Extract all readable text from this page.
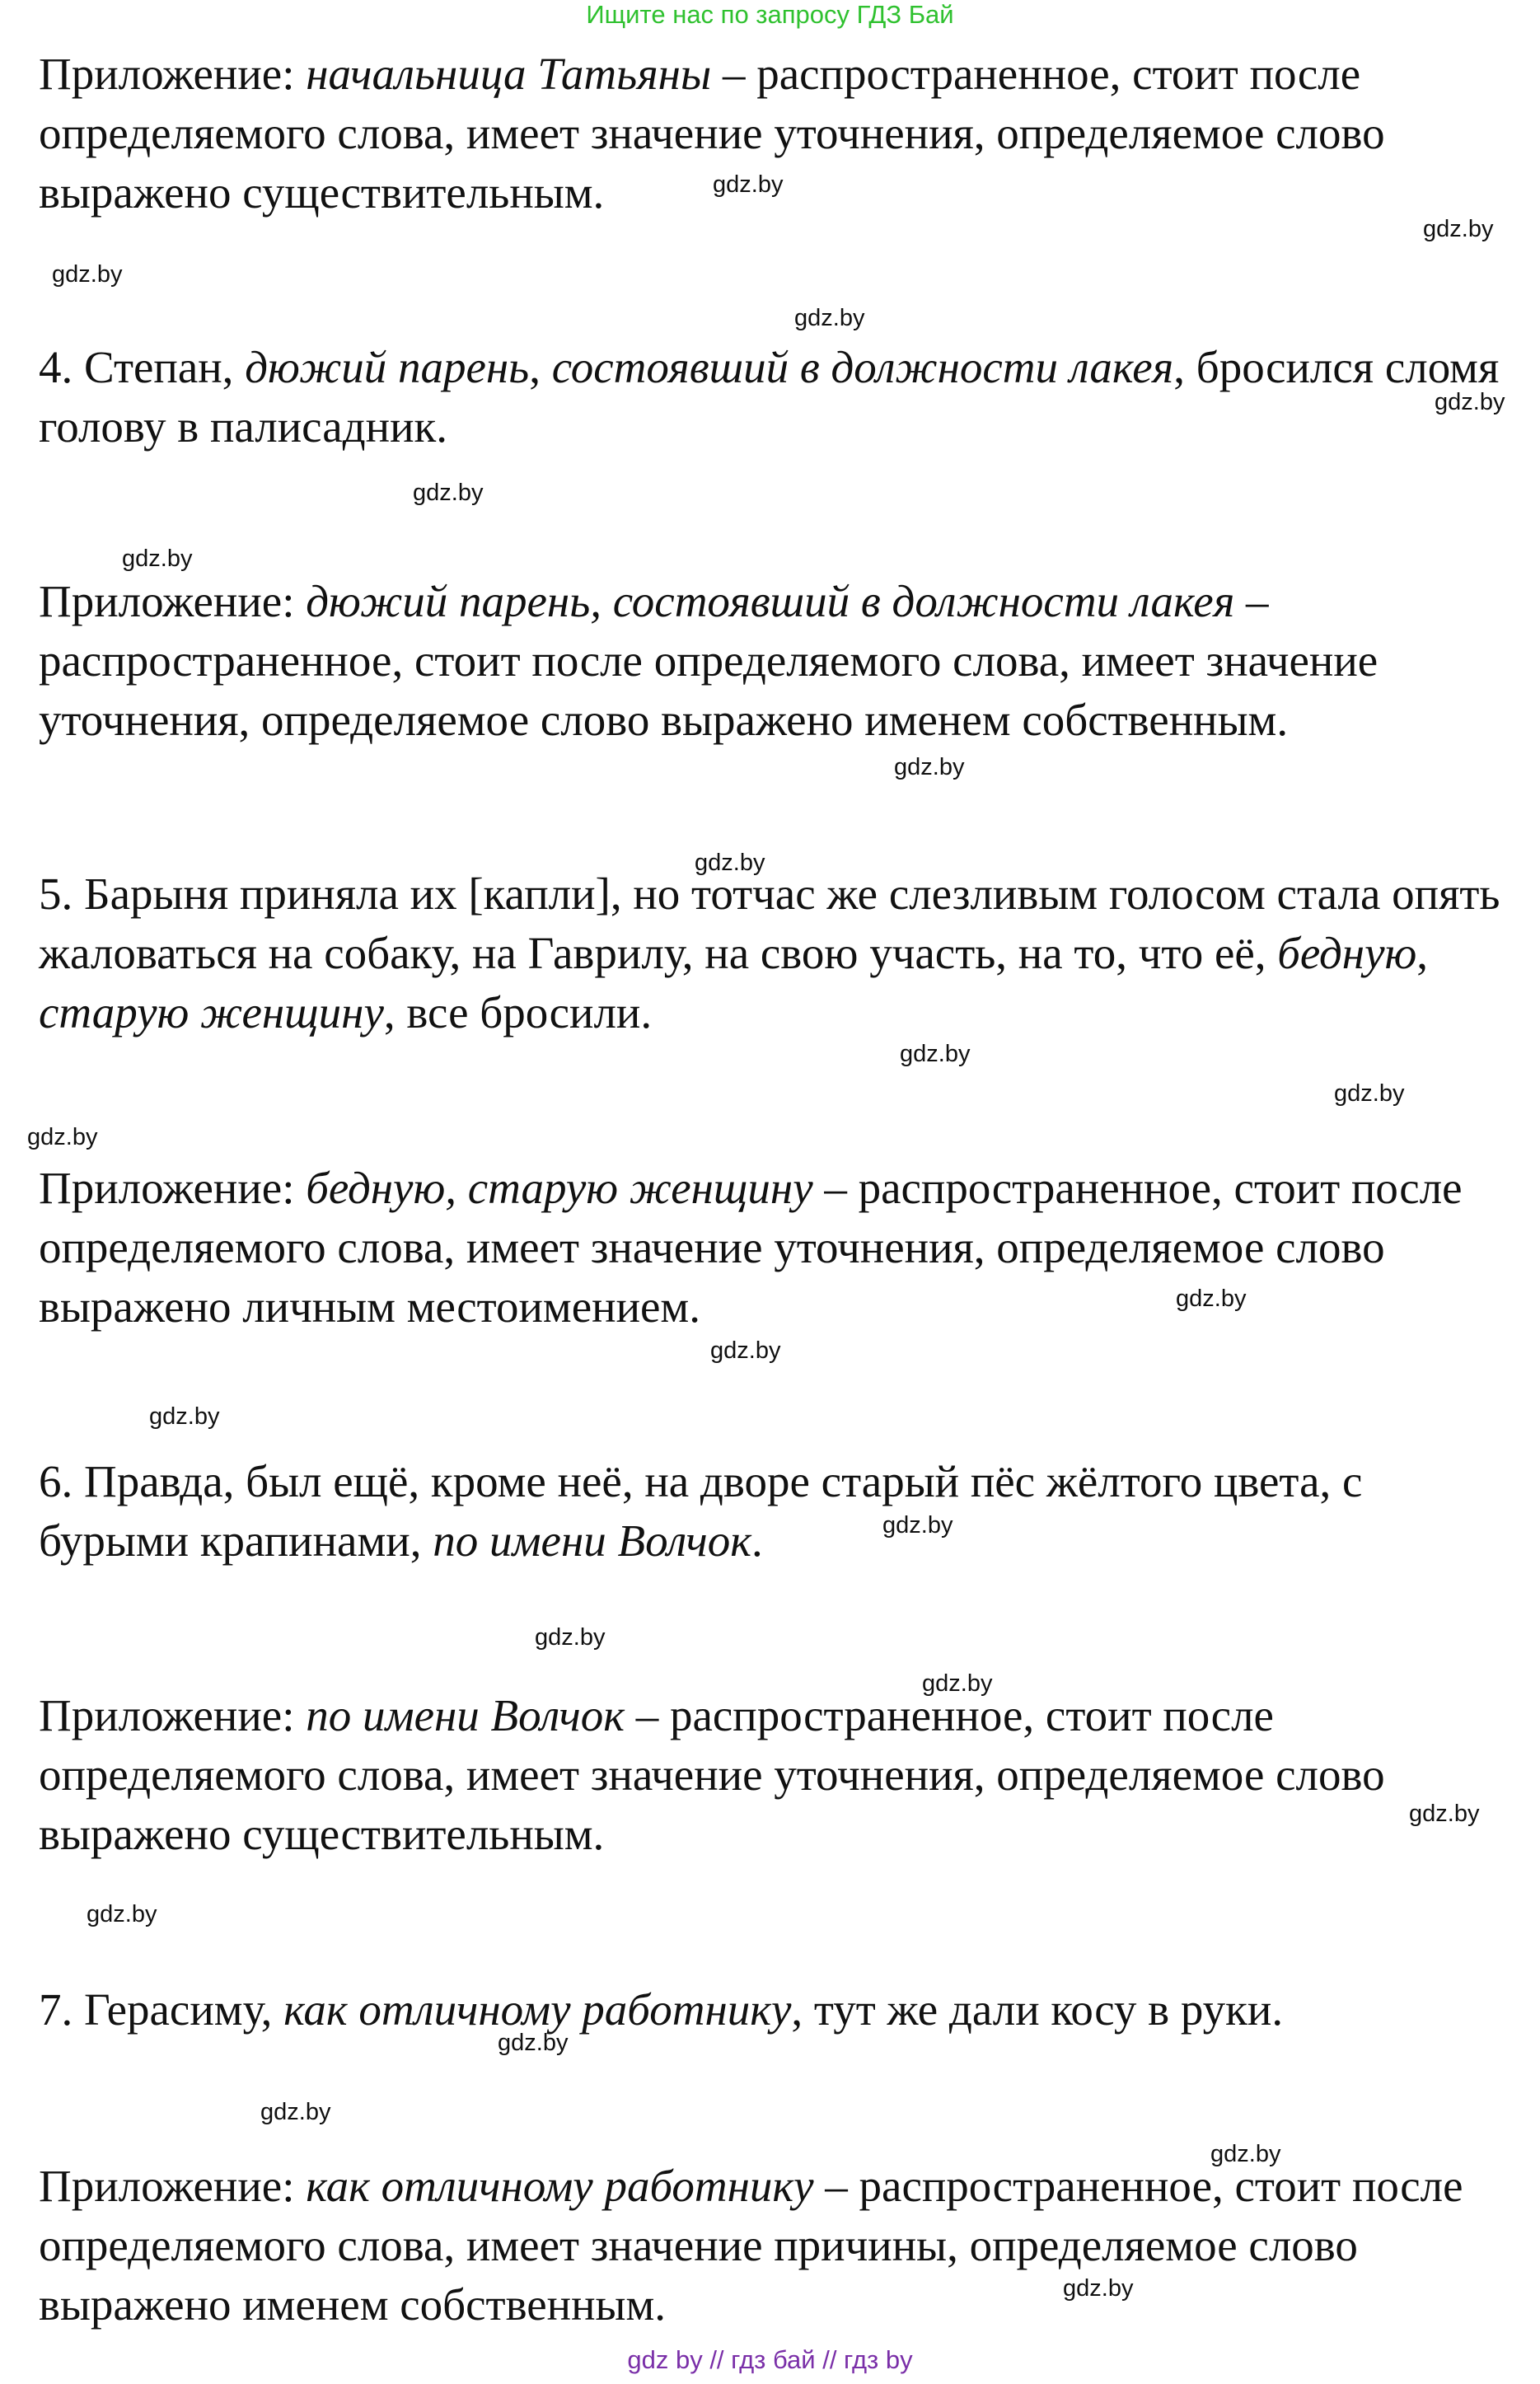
Ищите нас по запросу ГДЗ Бай

Приложение: начальница Татьяны – распространенное, стоит после определяемого слова, имеет значение уточнения, определяемое слово выражено существительным.

4. Степан, дюжий парень, состоявший в должности лакея, бросился сломя голову в палисадник.

Приложение: дюжий парень, состоявший в должности лакея – распространенное, стоит после определяемого слова, имеет значение уточнения, определяемое слово выражено именем собственным.

5. Барыня приняла их [капли], но тотчас же слезливым голосом стала опять жаловаться на собаку, на Гаврилу, на свою участь, на то, что её, бедную, старую женщину, все бросили.

Приложение: бедную, старую женщину – распространенное, стоит после определяемого слова, имеет значение уточнения, определяемое слово выражено личным местоимением.

6. Правда, был ещё, кроме неё, на дворе старый пёс жёлтого цвета, с бурыми крапинами, по имени Волчок.

Приложение: по имени Волчок – распространенное, стоит после определяемого слова, имеет значение уточнения, определяемое слово выражено существительным.

7. Герасиму, как отличному работнику, тут же дали косу в руки.

Приложение: как отличному работнику – распространенное, стоит после определяемого слова, имеет значение причины, определяемое слово выражено именем собственным.

gdz.by
gdz.by
gdz.by
gdz.by
gdz.by
gdz.by
gdz.by
gdz.by
gdz.by
gdz.by
gdz.by
gdz.by
gdz.by
gdz.by
gdz.by
gdz.by
gdz.by
gdz.by
gdz.by
gdz.by
gdz.by
gdz.by
gdz.by
gdz.by
gdz by // гдз бай // гдз by
